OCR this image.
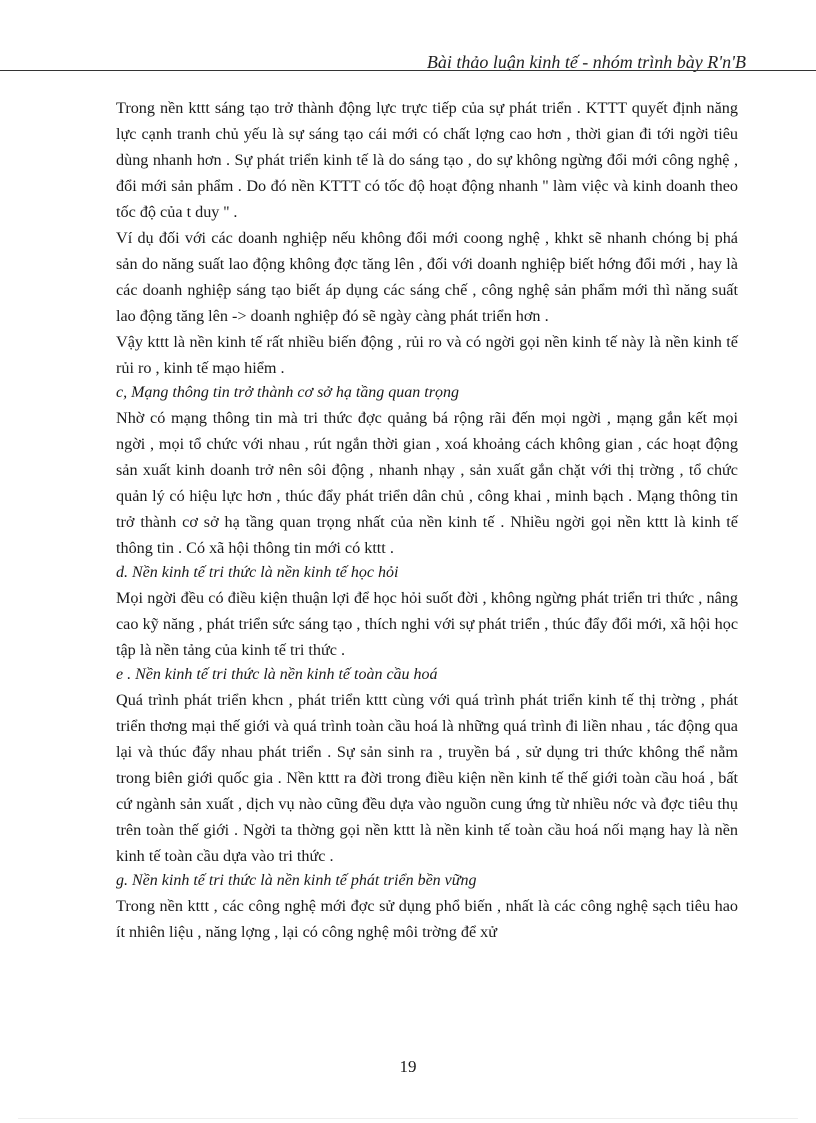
Bài thảo luận kinh tế - nhóm trình bày R'n'B

Trong nền kttt sáng tạo trở thành động lực trực tiếp của sự phát triển . KTTT quyết định năng lực cạnh tranh chủ yếu là sự sáng tạo cái mới có chất lợng cao hơn , thời gian đi tới ngời tiêu dùng nhanh hơn . Sự phát triển kinh tế là do sáng tạo , do sự không ngừng đổi mới công nghệ , đổi mới sản phẩm . Do đó nền KTTT có tốc độ hoạt động nhanh '' làm việc và kinh doanh theo tốc độ của t duy '' .

Ví dụ đối với các doanh nghiệp nếu không đổi mới coong nghệ , khkt sẽ nhanh chóng bị phá sản do năng suất lao động không đợc tăng lên , đối với doanh nghiệp biết hớng đổi mới , hay là các doanh nghiệp sáng tạo biết áp dụng các sáng chế , công nghệ sản phẩm mới thì năng suất lao động tăng lên -> doanh nghiệp đó sẽ ngày càng phát triển hơn .

Vậy kttt là nền kinh tế rất nhiều biến động , rủi ro và có ngời gọi nền kinh tế này là nền kinh tế rủi ro , kinh tế mạo hiểm .

c, Mạng thông tin trở thành cơ sở hạ tầng quan trọng

Nhờ có mạng thông tin mà tri thức đợc quảng bá rộng rãi đến mọi ngời , mạng gắn kết mọi ngời , mọi tổ chức với nhau , rút ngắn thời gian , xoá khoảng cách không gian , các hoạt động sản xuất kinh doanh trở nên sôi động , nhanh nhạy , sản xuất gắn chặt với thị trờng , tổ chức quản lý có hiệu lực hơn , thúc đẩy phát triển dân chủ , công khai , minh bạch . Mạng thông tin trở thành cơ sở hạ tầng quan trọng nhất của nền kinh tế . Nhiều ngời gọi nền kttt là kinh tế thông tin . Có xã hội thông tin mới có kttt .

d. Nền kinh tế tri thức là nền kinh tế học hỏi

Mọi ngời đều có điều kiện thuận lợi để học hỏi suốt đời , không ngừng phát triển tri thức , nâng cao kỹ năng , phát triển sức sáng tạo , thích nghi với sự phát triển , thúc đẩy đổi mới, xã hội học tập là nền tảng của kinh tế tri thức .

e . Nền kinh tế tri thức là nền kinh tế toàn cầu hoá

Quá trình phát triển khcn , phát triển kttt cùng với quá trình phát triển kinh tế thị trờng , phát triển thơng mại thế giới và quá trình toàn cầu hoá là những quá trình đi liền nhau , tác động qua lại và thúc đẩy nhau phát triển . Sự sản sinh ra , truyền bá , sử dụng tri thức không thể nằm trong biên giới quốc gia . Nền kttt ra đời trong điều kiện nền kinh tế thế giới toàn cầu hoá , bất cứ ngành sản xuất , dịch vụ nào cũng đều dựa vào nguồn cung ứng từ nhiều nớc và đợc tiêu thụ trên toàn thế giới . Ngời ta thờng gọi nền kttt là nền kinh tế toàn cầu hoá nối mạng hay là nền kinh tế toàn cầu dựa vào tri thức .

g. Nền kinh tế tri thức là nền kinh tế phát triển bền vững

Trong nền kttt , các công nghệ mới đợc sử dụng phổ biến , nhất là các công nghệ sạch tiêu hao ít nhiên liệu , năng lợng , lại có công nghệ môi trờng để xử

19
